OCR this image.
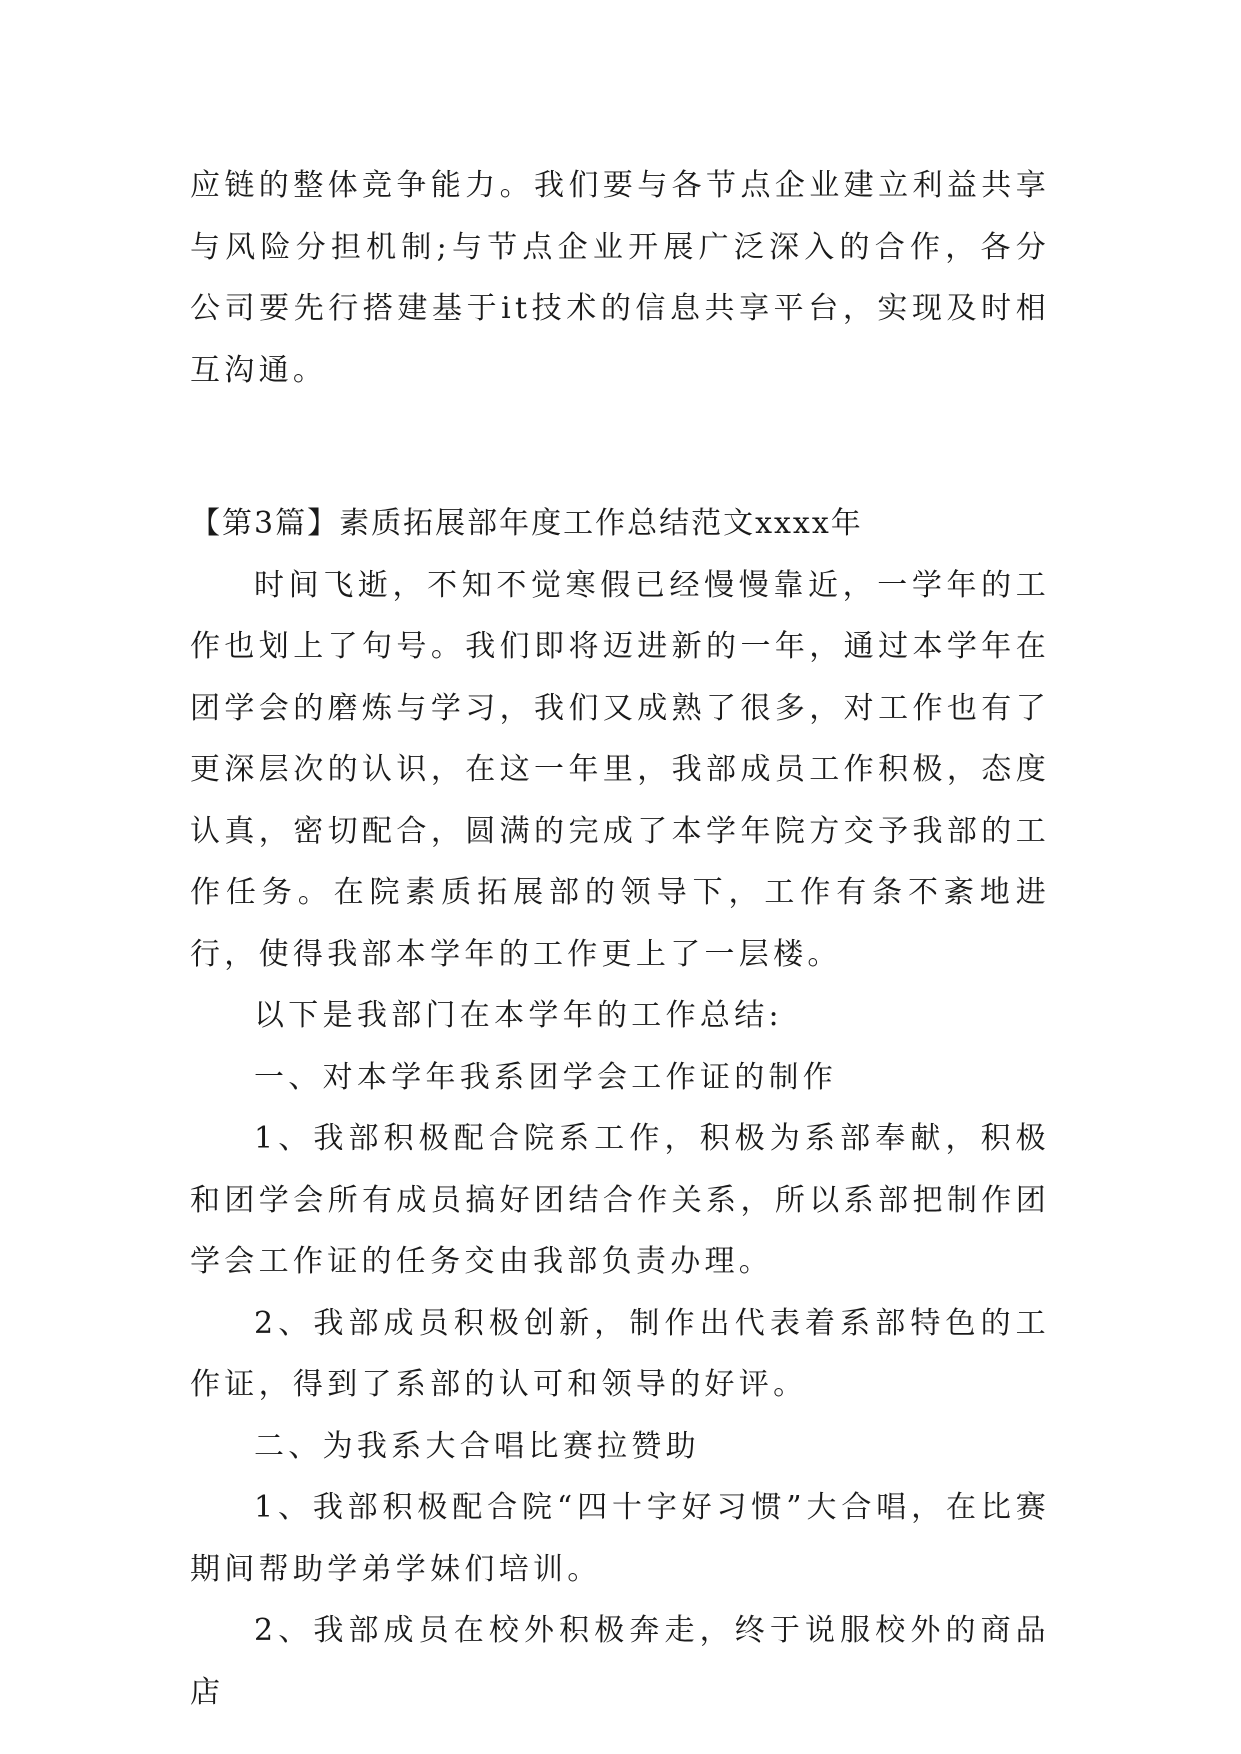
应链的整体竞争能力。我们要与各节点企业建立利益共享与风险分担机制;与节点企业开展广泛深入的合作，各分公司要先行搭建基于it技术的信息共享平台，实现及时相互沟通。

【第3篇】素质拓展部年度工作总结范文xxxx年

时间飞逝，不知不觉寒假已经慢慢靠近，一学年的工作也划上了句号。我们即将迈进新的一年，通过本学年在团学会的磨炼与学习，我们又成熟了很多，对工作也有了更深层次的认识，在这一年里，我部成员工作积极，态度认真，密切配合，圆满的完成了本学年院方交予我部的工作任务。在院素质拓展部的领导下，工作有条不紊地进行，使得我部本学年的工作更上了一层楼。

以下是我部门在本学年的工作总结:

一、对本学年我系团学会工作证的制作

1、我部积极配合院系工作，积极为系部奉献，积极和团学会所有成员搞好团结合作关系，所以系部把制作团学会工作证的任务交由我部负责办理。

2、我部成员积极创新，制作出代表着系部特色的工作证，得到了系部的认可和领导的好评。

二、为我系大合唱比赛拉赞助

1、我部积极配合院“四十字好习惯”大合唱，在比赛期间帮助学弟学妹们培训。

2、我部成员在校外积极奔走，终于说服校外的商品店
